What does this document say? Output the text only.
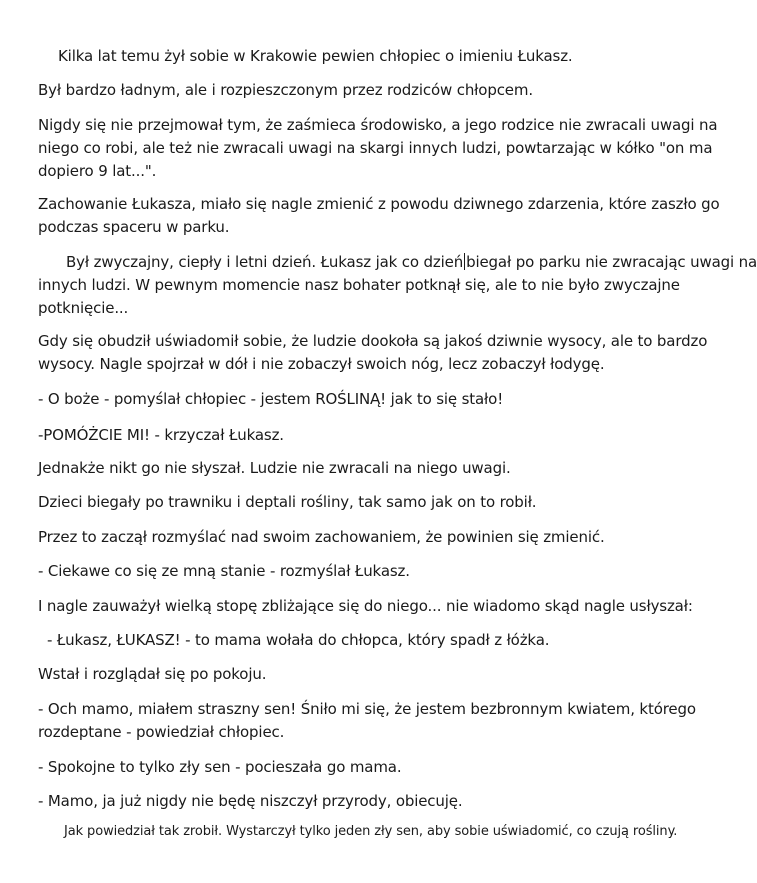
Kilka lat temu żył sobie w Krakowie pewien chłopiec o imieniu Łukasz.
Był bardzo ładnym, ale i rozpieszczonym przez rodziców chłopcem.
Nigdy się nie przejmował tym, że zaśmieca środowisko, a jego rodzice nie zwracali uwagi na
niego co robi, ale też nie zwracali uwagi na skargi innych ludzi, powtarzając w kółko "on ma
dopiero 9 lat...".
Zachowanie Łukasza, miało się nagle zmienić z powodu dziwnego zdarzenia, które zaszło go
podczas spaceru w parku.
Był zwyczajny, ciepły i letni dzień. Łukasz jak co dzień biegał po parku nie zwracając uwagi na
innych ludzi. W pewnym momencie nasz bohater potknął się, ale to nie było zwyczajne
potknięcie...
Gdy się obudził uświadomił sobie, że ludzie dookoła są jakoś dziwnie wysocy, ale to bardzo
wysocy. Nagle spojrzał w dół i nie zobaczył swoich nóg, lecz zobaczył łodygę.
- O boże - pomyślał chłopiec - jestem ROŚLINĄ! jak to się stało!
-POMÓŻCIE MI! - krzyczał Łukasz.
Jednakże nikt go nie słyszał. Ludzie nie zwracali na niego uwagi.
Dzieci biegały po trawniku i deptali rośliny, tak samo jak on to robił.
Przez to zaczął rozmyślać nad swoim zachowaniem, że powinien się zmienić.
- Ciekawe co się ze mną stanie - rozmyślał Łukasz.
I nagle zauważył wielką stopę zbliżające się do niego... nie wiadomo skąd nagle usłyszał:
- Łukasz, ŁUKASZ! - to mama wołała do chłopca, który spadł z łóżka.
Wstał i rozglądał się po pokoju.
- Och mamo, miałem straszny sen! Śniło mi się, że jestem bezbronnym kwiatem, którego
rozdeptane - powiedział chłopiec.
- Spokojne to tylko zły sen - pocieszała go mama.
- Mamo, ja już nigdy nie będę niszczył przyrody, obiecuję.
Jak powiedział tak zrobił. Wystarczył tylko jeden zły sen, aby sobie uświadomić, co czują rośliny.
